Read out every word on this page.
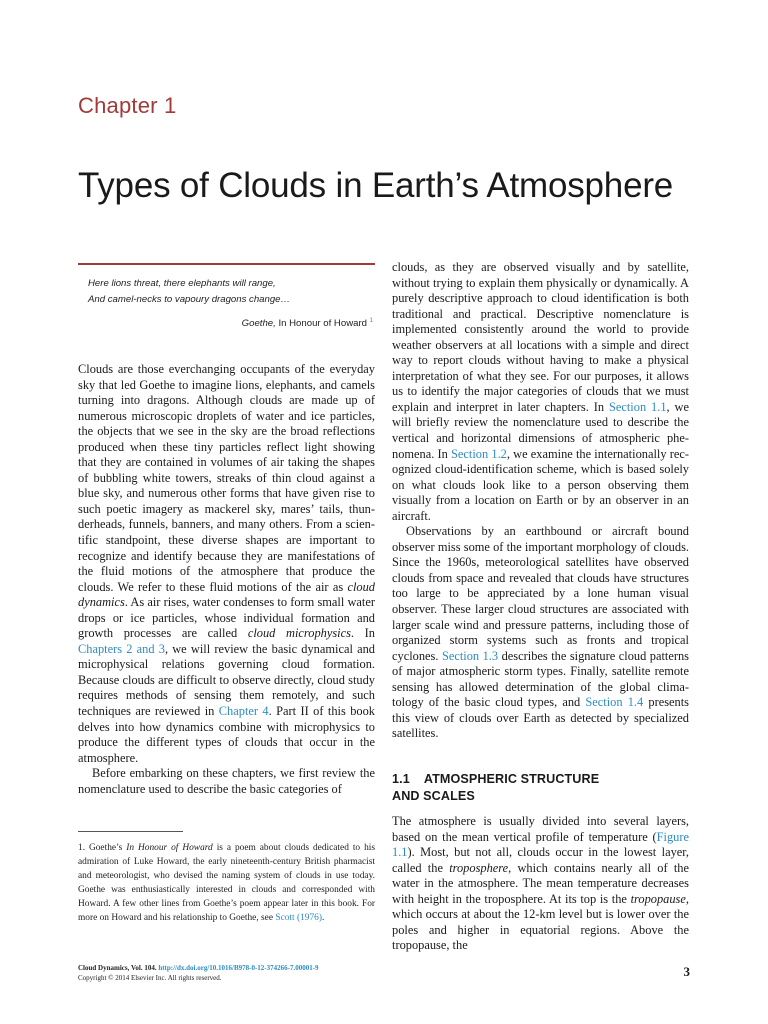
Chapter 1
Types of Clouds in Earth’s Atmosphere
Here lions threat, there elephants will range,
And camel-necks to vapoury dragons change…
Goethe, In Honour of Howard $^1$

Clouds are those everchanging occupants of the everyday sky that led Goethe to imagine lions, elephants, and camels turning into dragons. Although clouds are made up of numerous microscopic droplets of water and ice particles, the objects that we see in the sky are the broad reflections produced when these tiny particles reflect light showing that they are contained in volumes of air taking the shapes of bubbling white towers, streaks of thin cloud against a blue sky, and numerous other forms that have given rise to such poetic imagery as mackerel sky, mares’ tails, thunderheads, funnels, banners, and many others. From a scientific standpoint, these diverse shapes are important to recognize and identify because they are manifestations of the fluid motions of the atmosphere that produce the clouds. We refer to these fluid motions of the air as cloud dynamics. As air rises, water condenses to form small water drops or ice particles, whose individual formation and growth processes are called cloud microphysics. In Chapters 2 and 3, we will review the basic dynamical and microphysical relations governing cloud formation. Because clouds are difficult to observe directly, cloud study requires methods of sensing them remotely, and such techniques are reviewed in Chapter 4. Part II of this book delves into how dynamics combine with microphysics to produce the different types of clouds that occur in the atmosphere.

Before embarking on these chapters, we first review the nomenclature used to describe the basic categories of

clouds, as they are observed visually and by satellite, without trying to explain them physically or dynamically. A purely descriptive approach to cloud identification is both traditional and practical. Descriptive nomenclature is implemented consistently around the world to provide weather observers at all locations with a simple and direct way to report clouds without having to make a physical interpretation of what they see. For our purposes, it allows us to identify the major categories of clouds that we must explain and interpret in later chapters. In Section 1.1, we will briefly review the nomenclature used to describe the vertical and horizontal dimensions of atmospheric phenomena. In Section 1.2, we examine the internationally recognized cloud-identification scheme, which is based solely on what clouds look like to a person observing them visually from a location on Earth or by an observer in an aircraft.

Observations by an earthbound or aircraft bound observer miss some of the important morphology of clouds. Since the 1960s, meteorological satellites have observed clouds from space and revealed that clouds have structures too large to be appreciated by a lone human visual observer. These larger cloud structures are associated with larger scale wind and pressure patterns, including those of organized storm systems such as fronts and tropical cyclones. Section 1.3 describes the signature cloud patterns of major atmospheric storm types. Finally, satellite remote sensing has allowed determination of the global climatology of the basic cloud types, and Section 1.4 presents this view of clouds over Earth as detected by specialized satellites.

1.1 ATMOSPHERIC STRUCTURE
AND SCALES

The atmosphere is usually divided into several layers, based on the mean vertical profile of temperature (Figure 1.1). Most, but not all, clouds occur in the lowest layer, called the troposphere, which contains nearly all of the water in the atmosphere. The mean temperature decreases with height in the troposphere. At its top is the tropopause, which occurs at about the 12-km level but is lower over the poles and higher in equatorial regions. Above the tropopause, the

1. Goethe’s In Honour of Howard is a poem about clouds dedicated to his admiration of Luke Howard, the early nineteenth-century British pharmacist and meteorologist, who devised the naming system of clouds in use today. Goethe was enthusiastically interested in clouds and corresponded with Howard. A few other lines from Goethe’s poem appear later in this book. For more on Howard and his relationship to Goethe, see Scott (1976).
Cloud Dynamics, Vol. 104. http://dx.doi.org/10.1016/B978-0-12-374266-7.00001-9
Copyright © 2014 Elsevier Inc. All rights reserved.	3
